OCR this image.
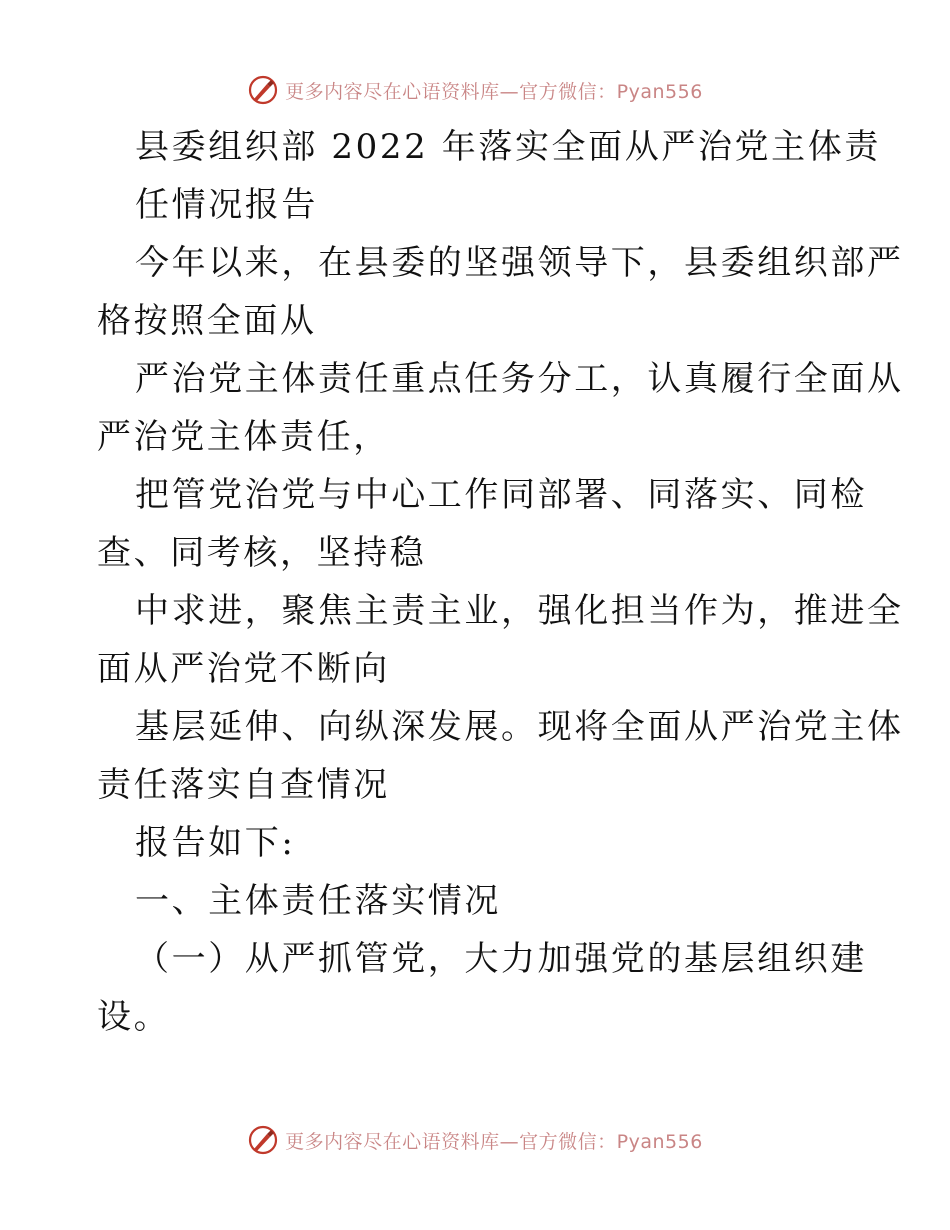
更多内容尽在心语资料库—官方微信：Pyan556
县委组织部 2022 年落实全面从严治党主体责
任情况报告
今年以来，在县委的坚强领导下，县委组织部严
格按照全面从
严治党主体责任重点任务分工，认真履行全面从
严治党主体责任，
把管党治党与中心工作同部署、同落实、同检
查、同考核，坚持稳
中求进，聚焦主责主业，强化担当作为，推进全
面从严治党不断向
基层延伸、向纵深发展。现将全面从严治党主体
责任落实自查情况
报告如下:
一、主体责任落实情况
（一）从严抓管党，大力加强党的基层组织建
设。
更多内容尽在心语资料库—官方微信：Pyan556
